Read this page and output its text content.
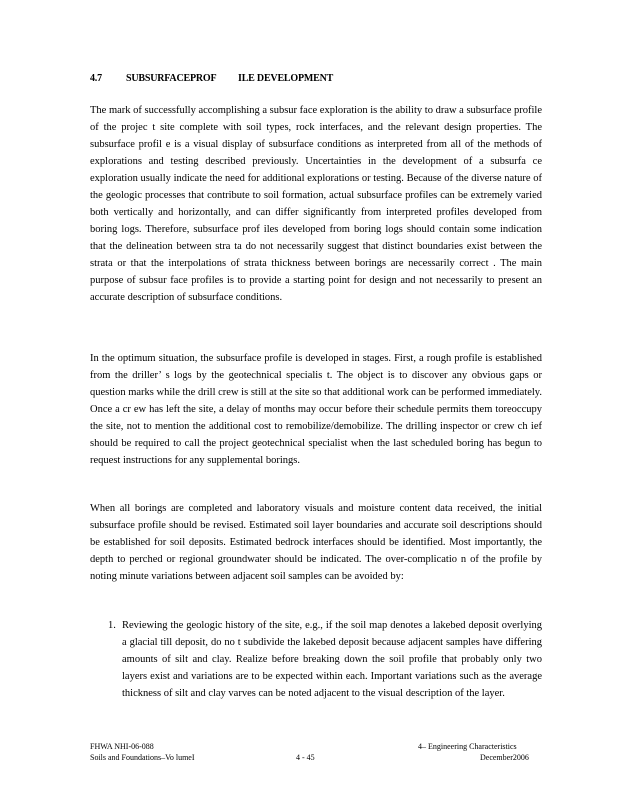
4.7 SUBSURFACEPROF ILE DEVELOPMENT

The mark of successfully accomplishing a subsur face exploration is the ability to draw a subsurface profile of the projec t site complete with soil types, rock interfaces, and the relevant design properties. The subsurface profil e is a visual display of subsurface conditions as interpreted from all of the methods of explorations and testing described previously. Uncertainties in the development of a subsurfa ce exploration usually indicate the need for additional explorations or testing. Because of the diverse nature of the geologic processes that contribute to soil formation, actual subsurface profiles can be extremely varied both vertically and horizontally, and can differ significantly from interpreted profiles developed from boring logs. Therefore, subsurface prof iles developed from boring logs should contain some indication that the delineation between stra ta do not necessarily suggest that distinct boundaries exist between the strata or that the interpolations of strata thickness between borings are necessarily correct . The main purpose of subsur face profiles is to provide a starting point for design and not necessarily to present an accurate description of subsurface conditions.

In the optimum situation, the subsurface profile is developed in stages. First, a rough profile is established from the driller’ s logs by the geotechnical specialis t. The object is to discover any obvious gaps or question marks while the drill crew is still at the site so that additional work can be performed immediately. Once a cr ew has left the site, a delay of months may occur before their schedule permits them toreoccupy the site, not to mention the additional cost to remobilize/demobilize. The drilling inspector or crew ch ief should be required to call the project geotechnical specialist when the last scheduled boring has begun to request instructions for any supplemental borings.

When all borings are completed and laboratory visuals and moisture content data received, the initial subsurface profile should be revised. Estimated soil layer boundaries and accurate soil descriptions should be established for soil deposits. Estimated bedrock interfaces should be identified. Most importantly, the depth to perched or regional groundwater should be indicated. The over-complicatio n of the profile by noting minute variations between adjacent soil samples can be avoided by:

1. Reviewing the geologic history of the site, e.g., if the soil map denotes a lakebed deposit overlying a glacial till deposit, do no t subdivide the lakebed deposit because adjacent samples have differing amounts of silt and clay. Realize before breaking down the soil profile that probably only two layers exist and variations are to be expected within each. Important variations such as the average thickness of silt and clay varves can be noted adjacent to the visual description of the layer.
FHWA NHI-06-088
Soils and Foundations–Vo lumeI	4 - 45
4– Engineering Characteristics
December2006
